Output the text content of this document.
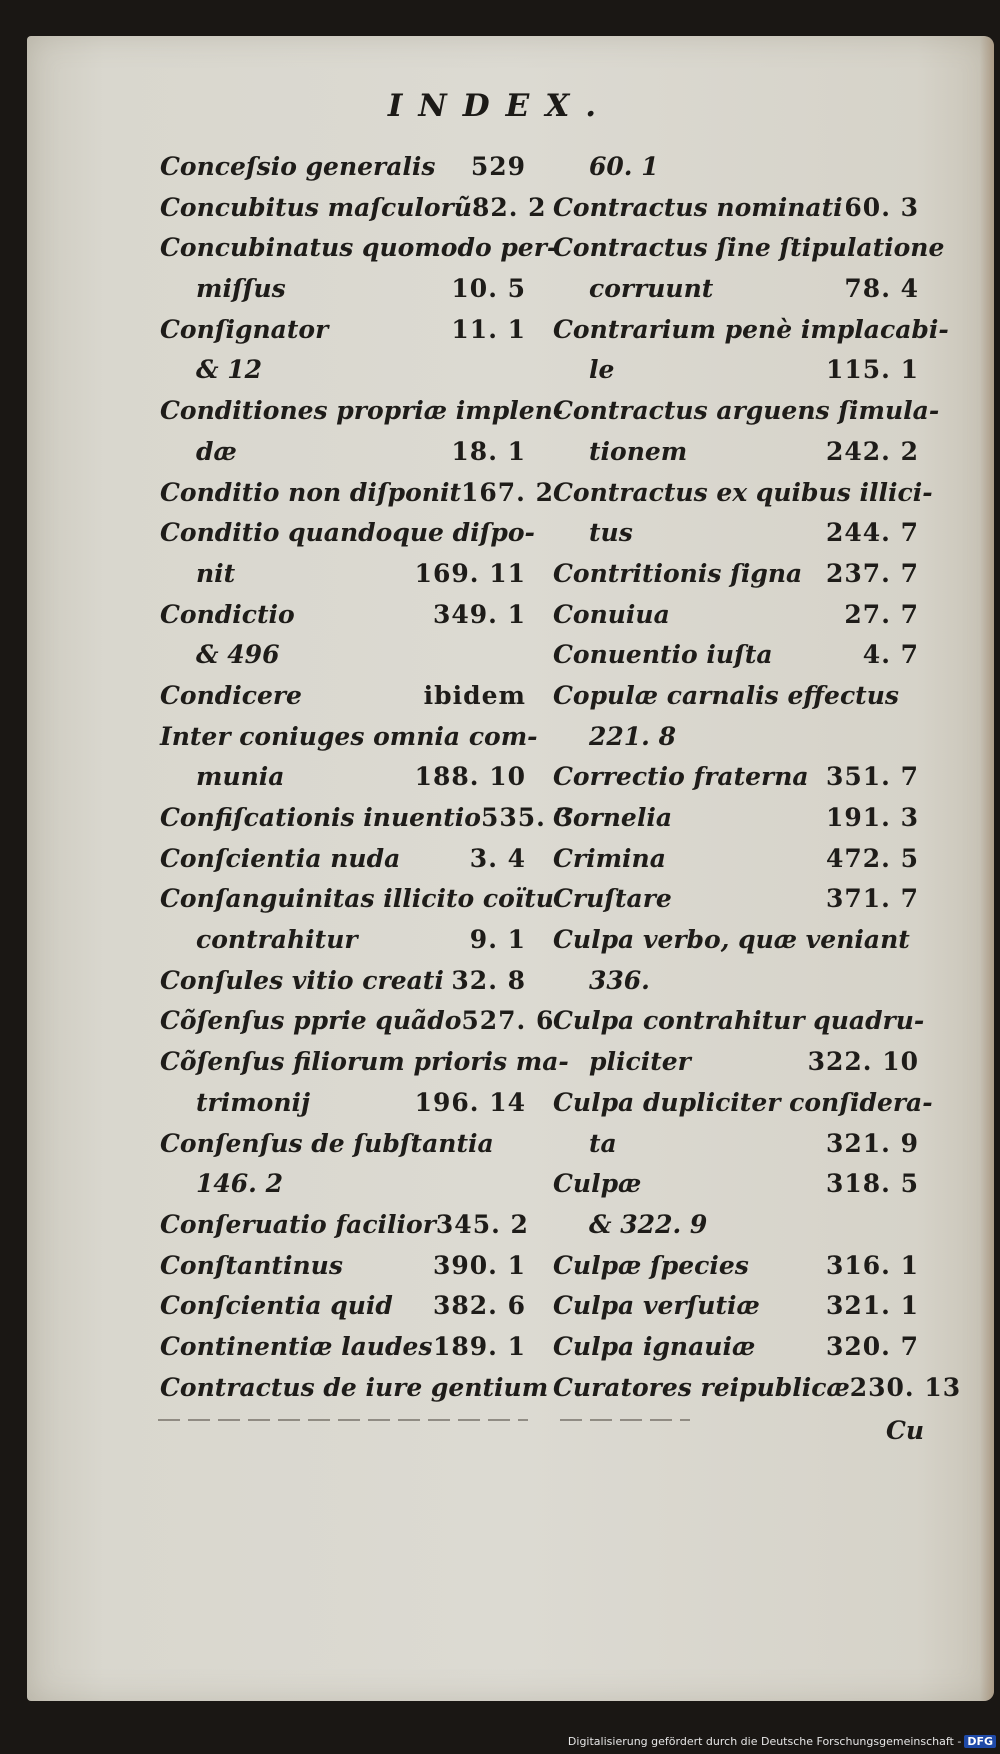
INDEX.
Conceſsio generalis 529
Concubitus maſculorũ 82. 2
Concubinatus quomodo per-
miſſus	10. 5
Conſignator	11. 1
& 12
Conditiones propriæ implen-
dæ	18. 1
Conditio non diſponit 167. 2
Conditio quandoque diſpo-
nit	169. 11
Condictio	349. 1
& 496
Condicere	ibidem
Inter coniuges omnia com-
munia	188. 10
Confiſcationis inuentio 535. 3
Conſcientia nuda	3. 4
Conſanguinitas illicito coïtu
contrahitur	9. 1
Conſules vitio creati 32. 8
Cõſenſus pprie quãdo 527. 6
Cõſenſus filiorum prioris ma-
trimonij	196. 14
Conſenſus de ſubſtantia
146. 2
Conſeruatio facilior 345. 2
Conſtantinus	390. 1
Conſcientia quid 382. 6
Continentiæ laudes 189. 1
Contractus de iure gentium
60. 1
Contractus nominati 60. 3
Contractus ſine ſtipulatione
corruunt	78. 4
Contrarium penè implacabi-
le	115. 1
Contractus arguens ſimula-
tionem	242. 2
Contractus ex quibus illici-
tus	244. 7
Contritionis ſigna 237. 7
Conuiua	27. 7
Conuentio iuſta	4. 7
Copulæ carnalis effectus
221. 8
Correctio fraterna 351. 7
Cornelia	191. 3
Crimina	472. 5
Cruſtare	371. 7
Culpa verbo, quæ veniant
336.
Culpa contrahitur quadru-
pliciter	322. 10
Culpa dupliciter conſidera-
ta	321. 9
Culpæ	318. 5
& 322. 9
Culpæ ſpecies	316. 1
Culpa verſutiæ	321. 1
Culpa ignauiæ	320. 7
Curatores reipublicæ 230. 13
Cu
Digitalisierung gefördert durch die Deutsche Forschungsgemeinschaft - DFG
